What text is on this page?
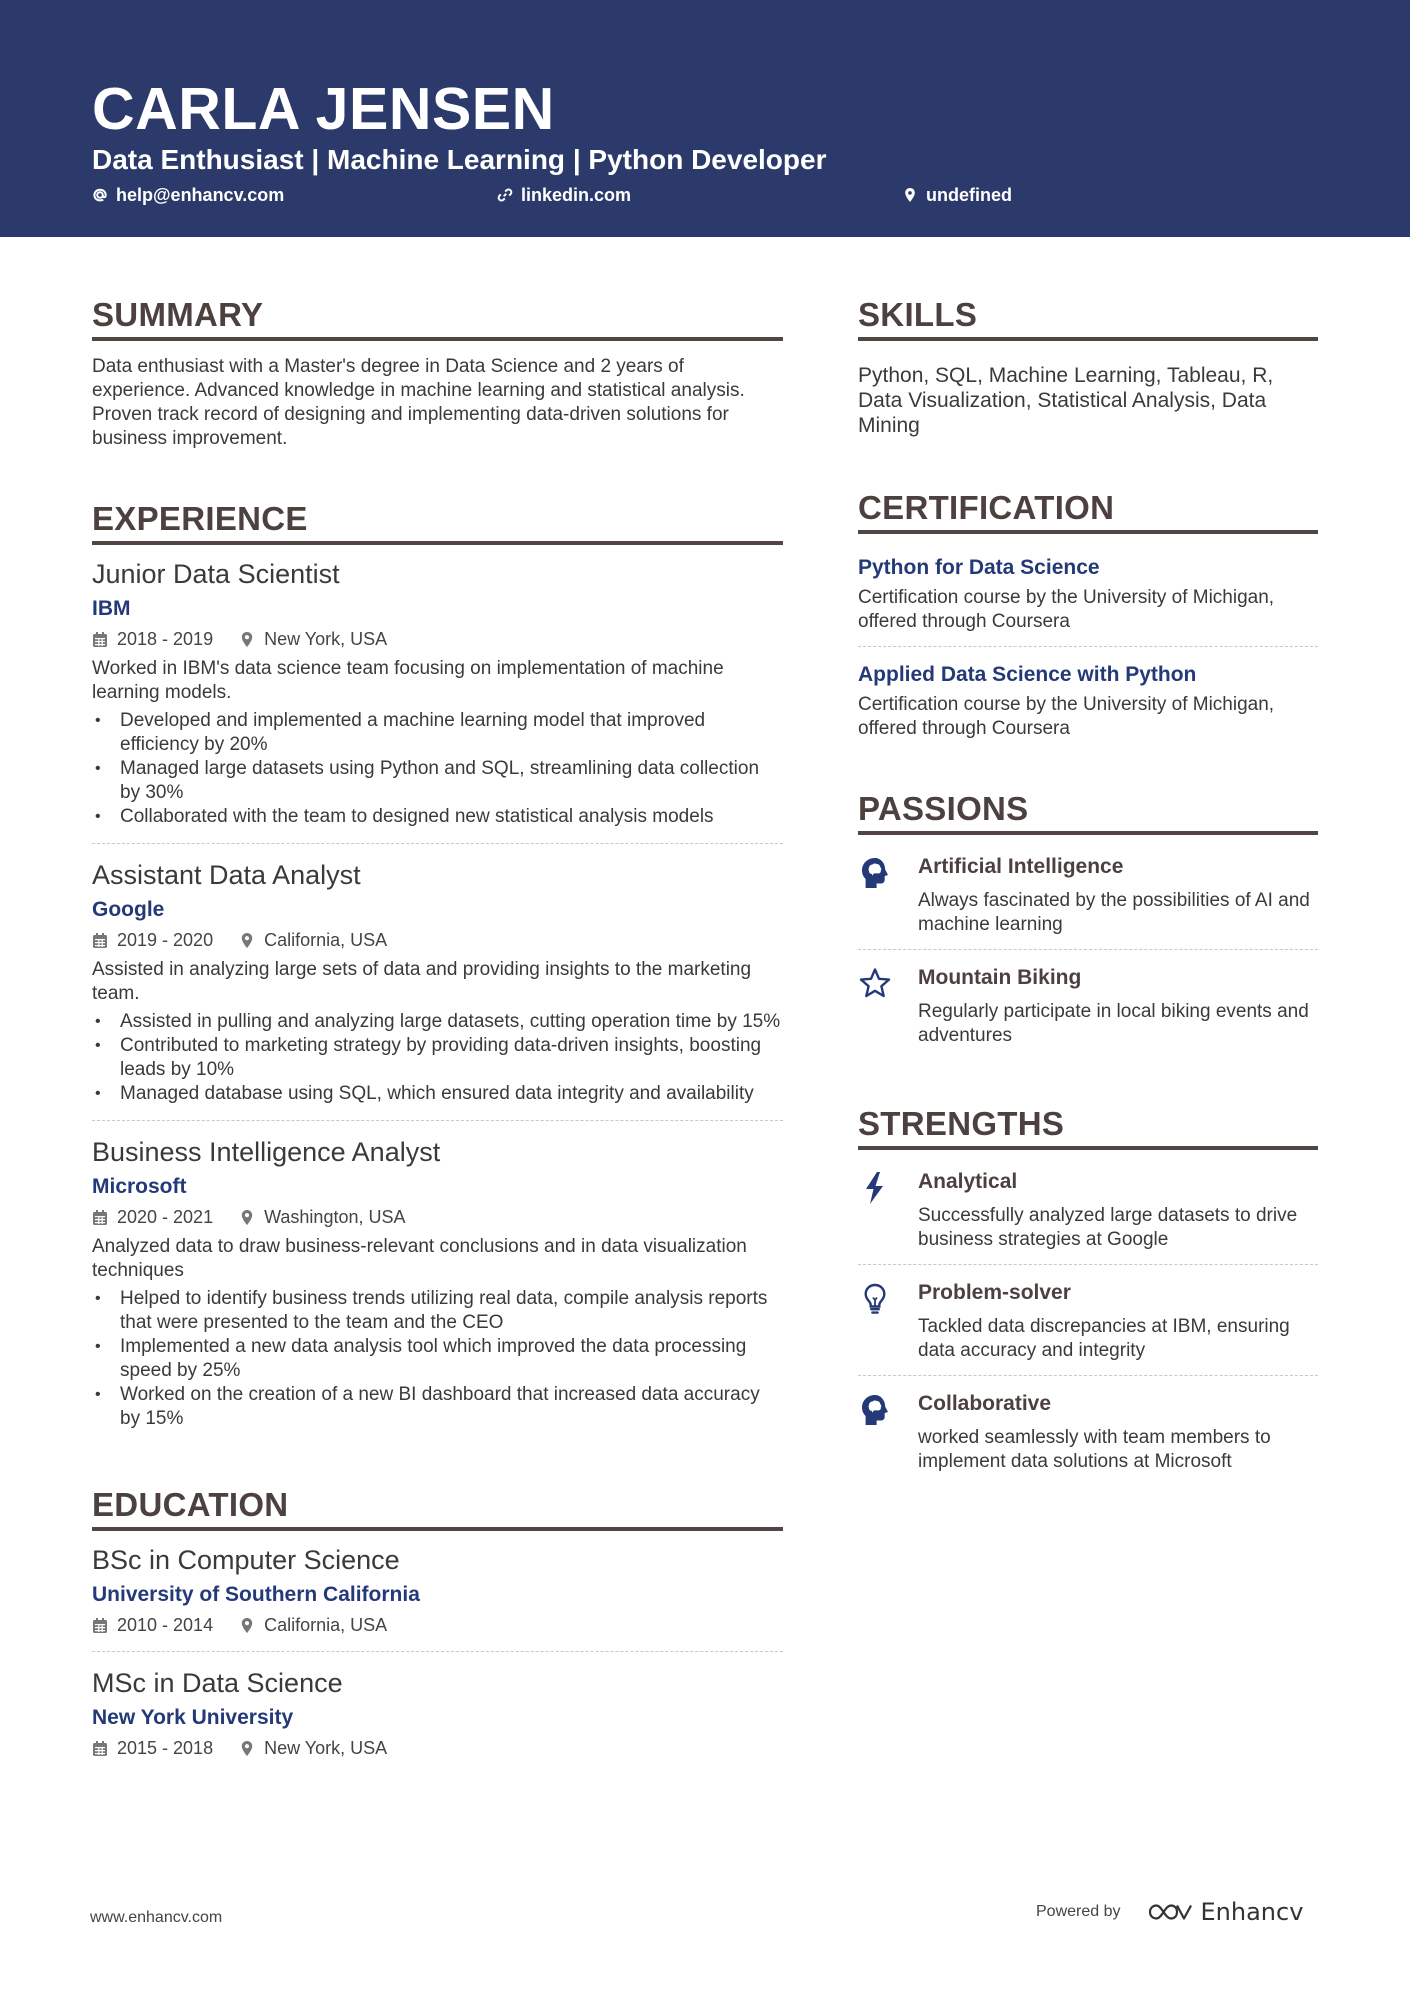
CARLA JENSEN
Data Enthusiast | Machine Learning | Python Developer
help@enhancv.com	linkedin.com	undefined
SUMMARY
Data enthusiast with a Master's degree in Data Science and 2 years of experience. Advanced knowledge in machine learning and statistical analysis. Proven track record of designing and implementing data-driven solutions for business improvement.
EXPERIENCE
Junior Data Scientist
IBM
2018 - 2019	New York, USA
Worked in IBM's data science team focusing on implementation of machine learning models.
• Developed and implemented a machine learning model that improved efficiency by 20%
• Managed large datasets using Python and SQL, streamlining data collection by 30%
• Collaborated with the team to designed new statistical analysis models
Assistant Data Analyst
Google
2019 - 2020	California, USA
Assisted in analyzing large sets of data and providing insights to the marketing team.
• Assisted in pulling and analyzing large datasets, cutting operation time by 15%
• Contributed to marketing strategy by providing data-driven insights, boosting leads by 10%
• Managed database using SQL, which ensured data integrity and availability
Business Intelligence Analyst
Microsoft
2020 - 2021	Washington, USA
Analyzed data to draw business-relevant conclusions and in data visualization techniques
• Helped to identify business trends utilizing real data, compile analysis reports that were presented to the team and the CEO
• Implemented a new data analysis tool which improved the data processing speed by 25%
• Worked on the creation of a new BI dashboard that increased data accuracy by 15%
EDUCATION
BSc in Computer Science
University of Southern California
2010 - 2014	California, USA
MSc in Data Science
New York University
2015 - 2018	New York, USA
SKILLS
Python, SQL, Machine Learning, Tableau, R, Data Visualization, Statistical Analysis, Data Mining
CERTIFICATION
Python for Data Science
Certification course by the University of Michigan, offered through Coursera
Applied Data Science with Python
Certification course by the University of Michigan, offered through Coursera
PASSIONS
Artificial Intelligence
Always fascinated by the possibilities of AI and machine learning
Mountain Biking
Regularly participate in local biking events and adventures
STRENGTHS
Analytical
Successfully analyzed large datasets to drive business strategies at Google
Problem-solver
Tackled data discrepancies at IBM, ensuring data accuracy and integrity
Collaborative
worked seamlessly with team members to implement data solutions at Microsoft
www.enhancv.com	Powered by	Enhancv
